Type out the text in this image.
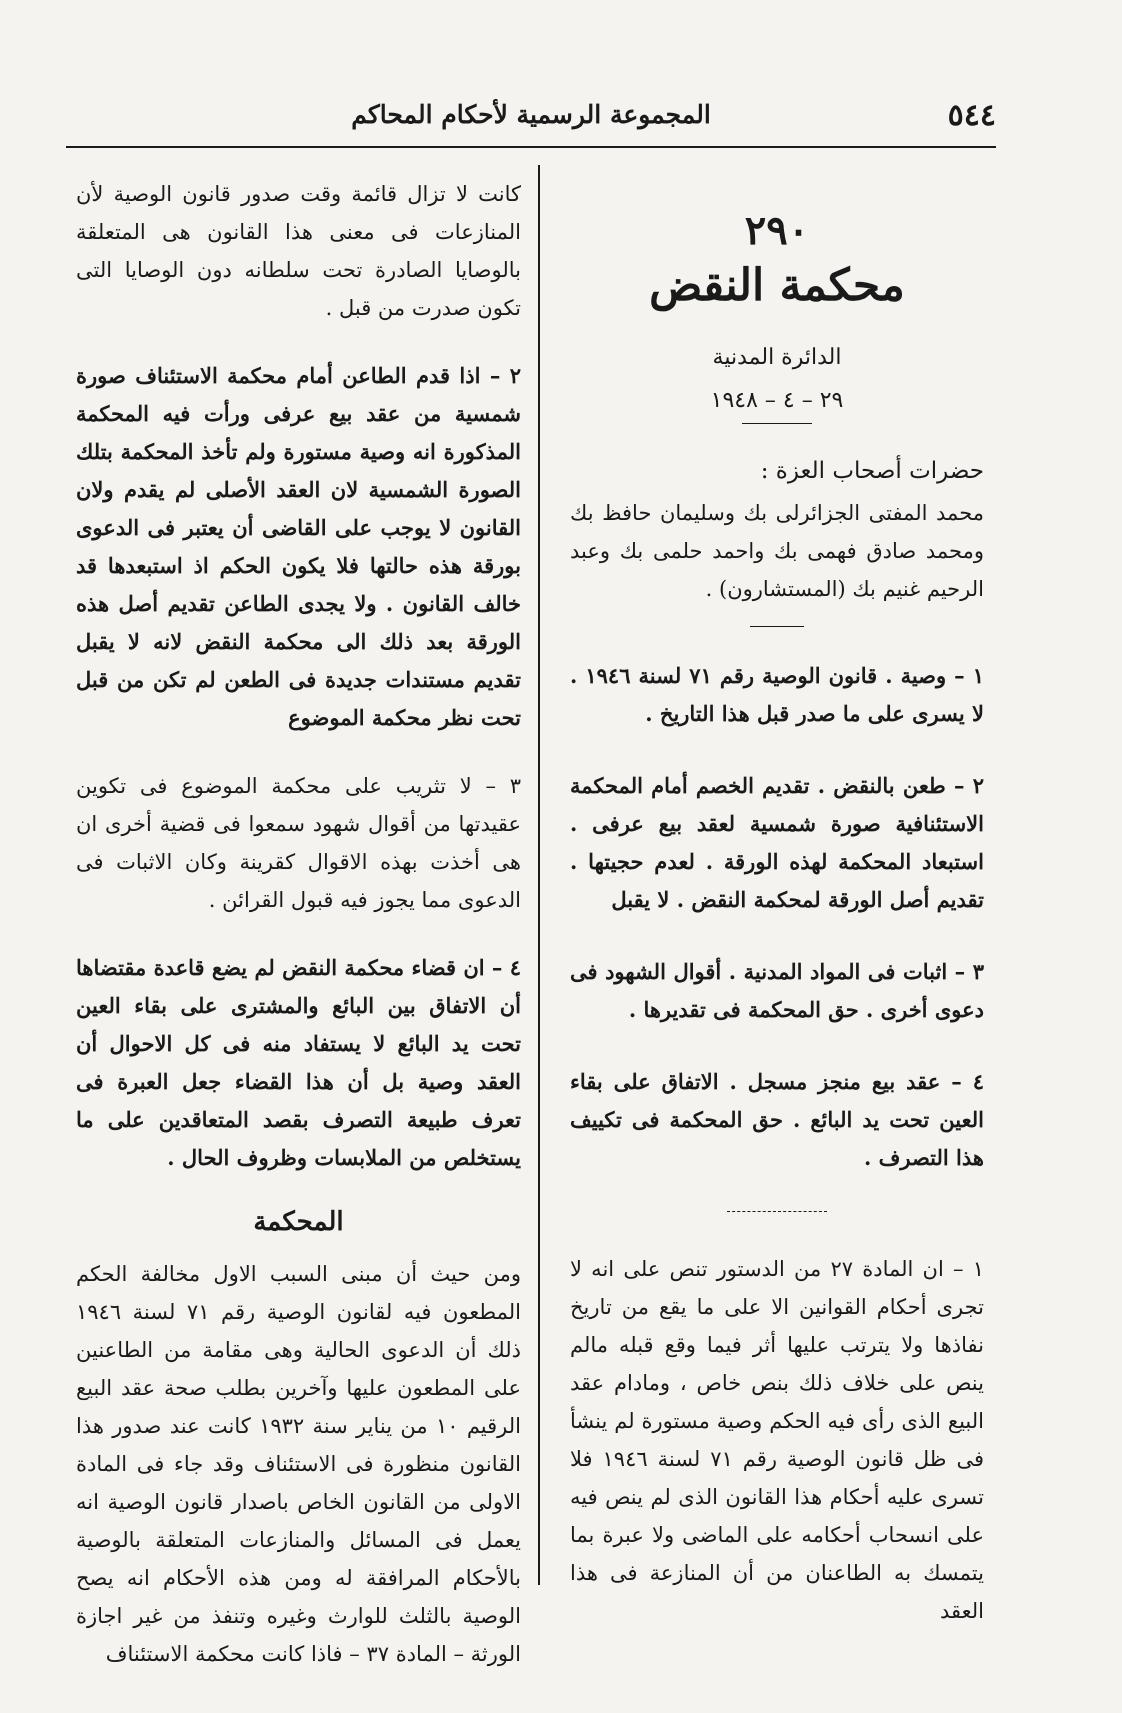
٥٤٤
المجموعة الرسمية لأحكام المحاكم
٢٩٠
محكمة النقض
الدائرة المدنية
٢٩ – ٤ – ١٩٤٨
حضرات أصحاب العزة :
محمد المفتى الجزائرلى بك وسليمان حافظ بك ومحمد صادق فهمى بك واحمد حلمى بك وعبد الرحيم غنيم بك (المستشارون) .

١ – وصية . قانون الوصية رقم ٧١ لسنة ١٩٤٦ . لا يسرى على ما صدر قبل هذا التاريخ .

٢ – طعن بالنقض . تقديم الخصم أمام المحكمة الاستئنافية صورة شمسية لعقد بيع عرفى . استبعاد المحكمة لهذه الورقة . لعدم حجيتها . تقديم أصل الورقة لمحكمة النقض . لا يقبل

٣ – اثبات فى المواد المدنية . أقوال الشهود فى دعوى أخرى . حق المحكمة فى تقديرها .

٤ – عقد بيع منجز مسجل . الاتفاق على بقاء العين تحت يد البائع . حق المحكمة فى تكييف هذا التصرف .

١ – ان المادة ٢٧ من الدستور تنص على انه لا تجرى أحكام القوانين الا على ما يقع من تاريخ نفاذها ولا يترتب عليها أثر فيما وقع قبله مالم ينص على خلاف ذلك بنص خاص ، ومادام عقد البيع الذى رأى فيه الحكم وصية مستورة لم ينشأ فى ظل قانون الوصية رقم ٧١ لسنة ١٩٤٦ فلا تسرى عليه أحكام هذا القانون الذى لم ينص فيه على انسحاب أحكامه على الماضى ولا عبرة بما يتمسك به الطاعنان من أن المنازعة فى هذا العقد

كانت لا تزال قائمة وقت صدور قانون الوصية لأن المنازعات فى معنى هذا القانون هى المتعلقة بالوصايا الصادرة تحت سلطانه دون الوصايا التى تكون صدرت من قبل .

٢ – اذا قدم الطاعن أمام محكمة الاستئناف صورة شمسية من عقد بيع عرفى ورأت فيه المحكمة المذكورة انه وصية مستورة ولم تأخذ المحكمة بتلك الصورة الشمسية لان العقد الأصلى لم يقدم ولان القانون لا يوجب على القاضى أن يعتبر فى الدعوى بورقة هذه حالتها فلا يكون الحكم اذ استبعدها قد خالف القانون . ولا يجدى الطاعن تقديم أصل هذه الورقة بعد ذلك الى محكمة النقض لانه لا يقبل تقديم مستندات جديدة فى الطعن لم تكن من قبل تحت نظر محكمة الموضوع

٣ – لا تثريب على محكمة الموضوع فى تكوين عقيدتها من أقوال شهود سمعوا فى قضية أخرى ان هى أخذت بهذه الاقوال كقرينة وكان الاثبات فى الدعوى مما يجوز فيه قبول القرائن .

٤ – ان قضاء محكمة النقض لم يضع قاعدة مقتضاها أن الاتفاق بين البائع والمشترى على بقاء العين تحت يد البائع لا يستفاد منه فى كل الاحوال أن العقد وصية بل أن هذا القضاء جعل العبرة فى تعرف طبيعة التصرف بقصد المتعاقدين على ما يستخلص من الملابسات وظروف الحال .

المحكمة

ومن حيث أن مبنى السبب الاول مخالفة الحكم المطعون فيه لقانون الوصية رقم ٧١ لسنة ١٩٤٦ ذلك أن الدعوى الحالية وهى مقامة من الطاعنين على المطعون عليها وآخرين بطلب صحة عقد البيع الرقيم ١٠ من يناير سنة ١٩٣٢ كانت عند صدور هذا القانون منظورة فى الاستئناف وقد جاء فى المادة الاولى من القانون الخاص باصدار قانون الوصية انه يعمل فى المسائل والمنازعات المتعلقة بالوصية بالأحكام المرافقة له ومن هذه الأحكام انه يصح الوصية بالثلث للوارث وغيره وتنفذ من غير اجازة الورثة – المادة ٣٧ – فاذا كانت محكمة الاستئناف
